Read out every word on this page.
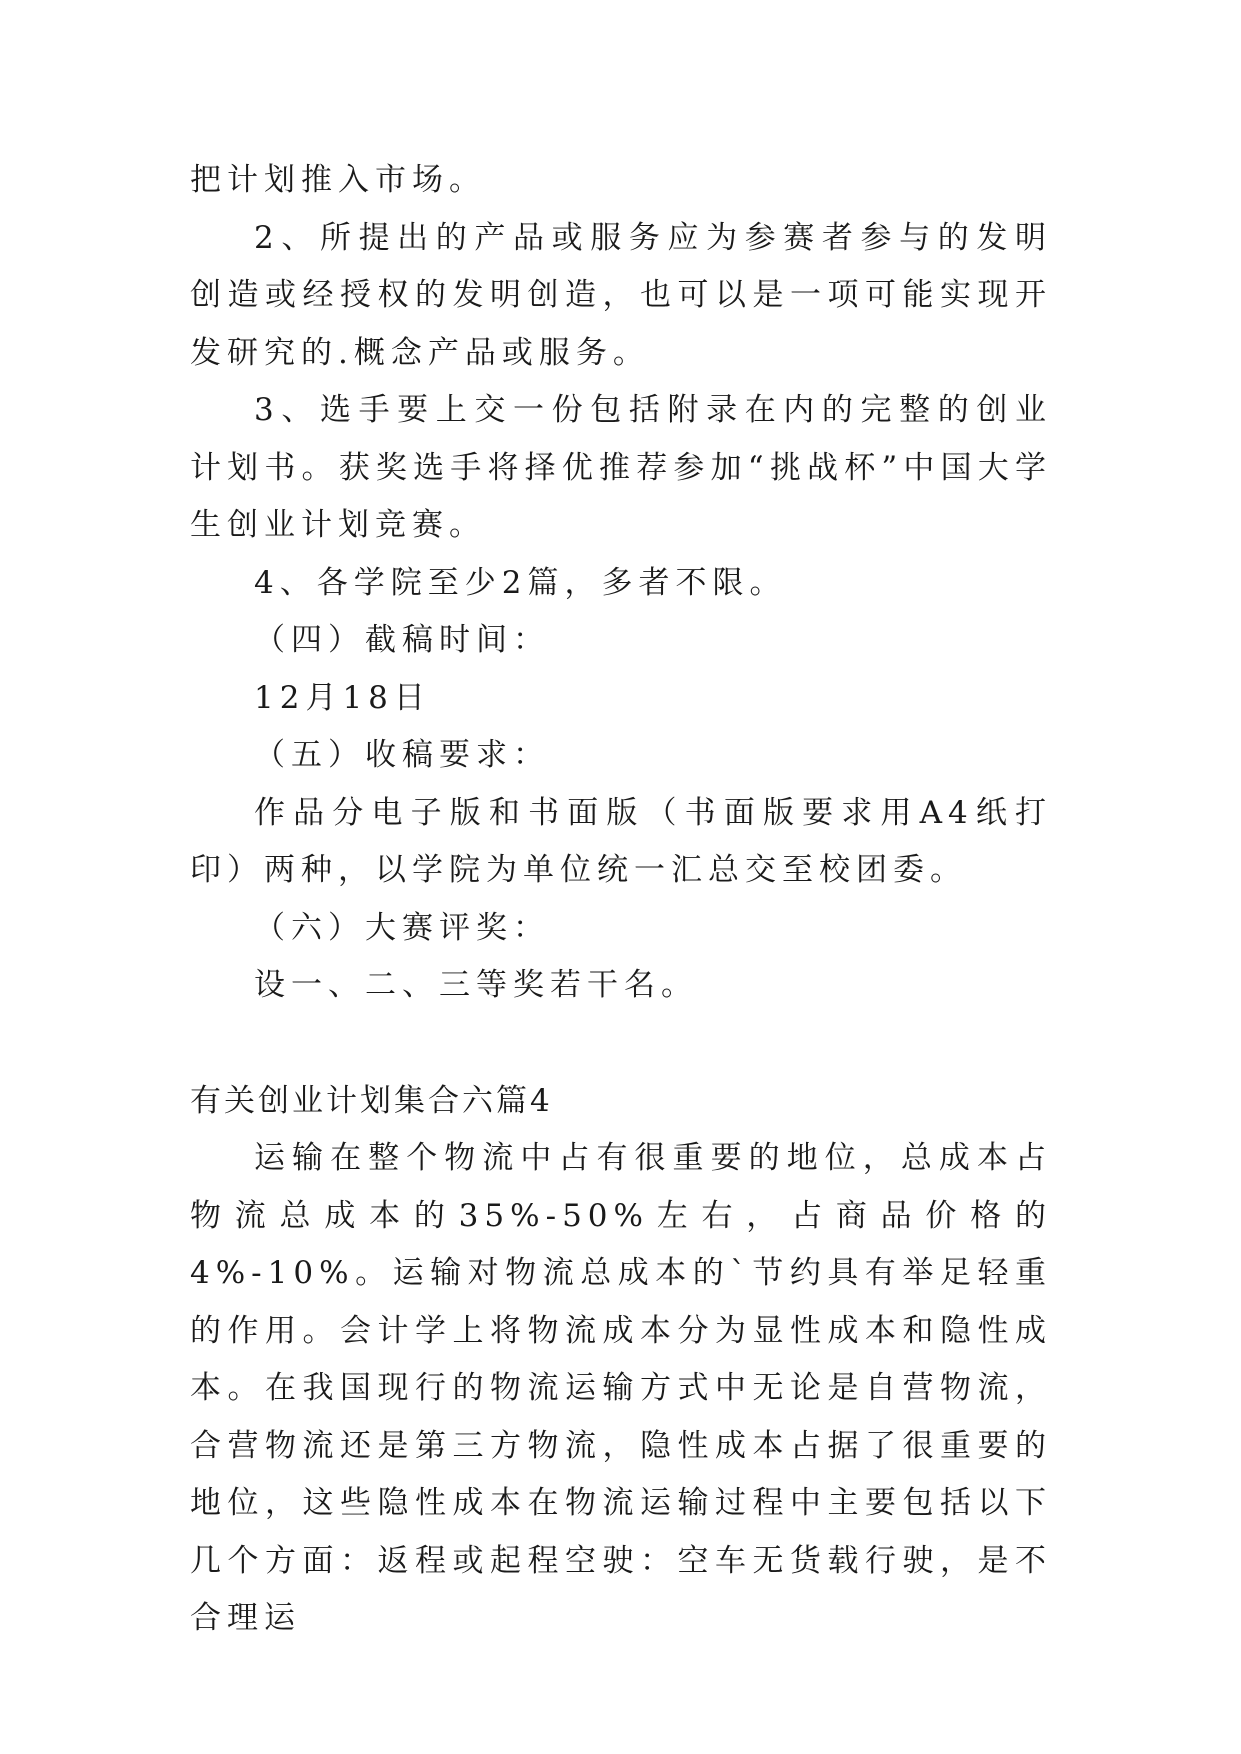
把计划推入市场。

2、所提出的产品或服务应为参赛者参与的发明创造或经授权的发明创造，也可以是一项可能实现开发研究的.概念产品或服务。

3、选手要上交一份包括附录在内的完整的创业计划书。获奖选手将择优推荐参加“挑战杯”中国大学生创业计划竞赛。

4、各学院至少2篇，多者不限。

（四）截稿时间：

12月18日

（五）收稿要求：

作品分电子版和书面版（书面版要求用A4纸打印）两种，以学院为单位统一汇总交至校团委。

（六）大赛评奖：

设一、二、三等奖若干名。

有关创业计划集合六篇4

运输在整个物流中占有很重要的地位，总成本占物流总成本的35%-50%左右，占商品价格的4%-10%。运输对物流总成本的`节约具有举足轻重的作用。会计学上将物流成本分为显性成本和隐性成本。在我国现行的物流运输方式中无论是自营物流，合营物流还是第三方物流，隐性成本占据了很重要的地位，这些隐性成本在物流运输过程中主要包括以下几个方面：返程或起程空驶：空车无货载行驶，是不合理运
